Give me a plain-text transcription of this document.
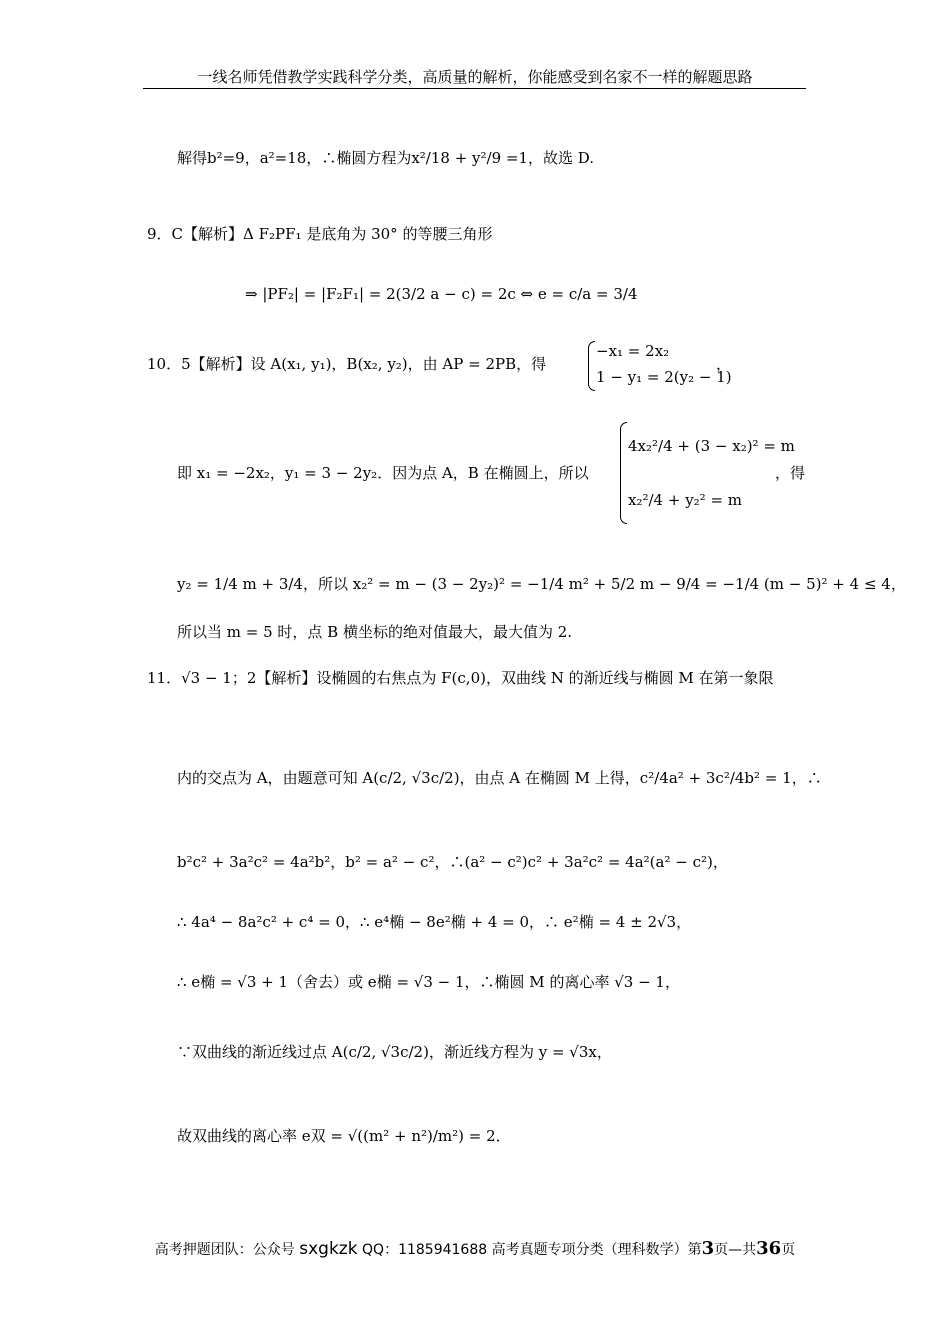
一线名师凭借教学实践科学分类，高质量的解析，你能感受到名家不一样的解题思路
解得b²=9，a²=18，∴椭圆方程为x²/18 + y²/9 =1，故选 D.
9．C【解析】Δ F₂PF₁ 是底角为 30° 的等腰三角形
⇒ |PF₂| = |F₂F₁| = 2(3/2 a − c) = 2c ⇔ e = c/a = 3/4
10．5【解析】设 A(x₁, y₁)，B(x₂, y₂)，由 AP = 2PB，得
−x₁ = 2x₂
1 − y₁ = 2(y₂ − 1)
，
即 x₁ = −2x₂，y₁ = 3 − 2y₂．因为点 A，B 在椭圆上，所以
4x₂²/4 + (3 − x₂)² = m
x₂²/4 + y₂² = m
，得
y₂ = 1/4 m + 3/4，所以 x₂² = m − (3 − 2y₂)² = −1/4 m² + 5/2 m − 9/4 = −1/4 (m − 5)² + 4 ≤ 4，
所以当 m = 5 时，点 B 横坐标的绝对值最大，最大值为 2.
11．√3 − 1；2【解析】设椭圆的右焦点为 F(c,0)，双曲线 N 的渐近线与椭圆 M 在第一象限
内的交点为 A，由题意可知 A(c/2, √3c/2)，由点 A 在椭圆 M 上得，c²/4a² + 3c²/4b² = 1，∴
b²c² + 3a²c² = 4a²b²，b² = a² − c²，∴(a² − c²)c² + 3a²c² = 4a²(a² − c²)，
∴ 4a⁴ − 8a²c² + c⁴ = 0，∴ e⁴椭 − 8e²椭 + 4 = 0，∴ e²椭 = 4 ± 2√3，
∴ e椭 = √3 + 1（舍去）或 e椭 = √3 − 1，∴椭圆 M 的离心率 √3 − 1，
∵双曲线的渐近线过点 A(c/2, √3c/2)，渐近线方程为 y = √3x，
故双曲线的离心率 e双 = √((m² + n²)/m²) = 2．
高考押题团队：公众号 sxgkzk QQ：1185941688 高考真题专项分类（理科数学）第3页—共36页
